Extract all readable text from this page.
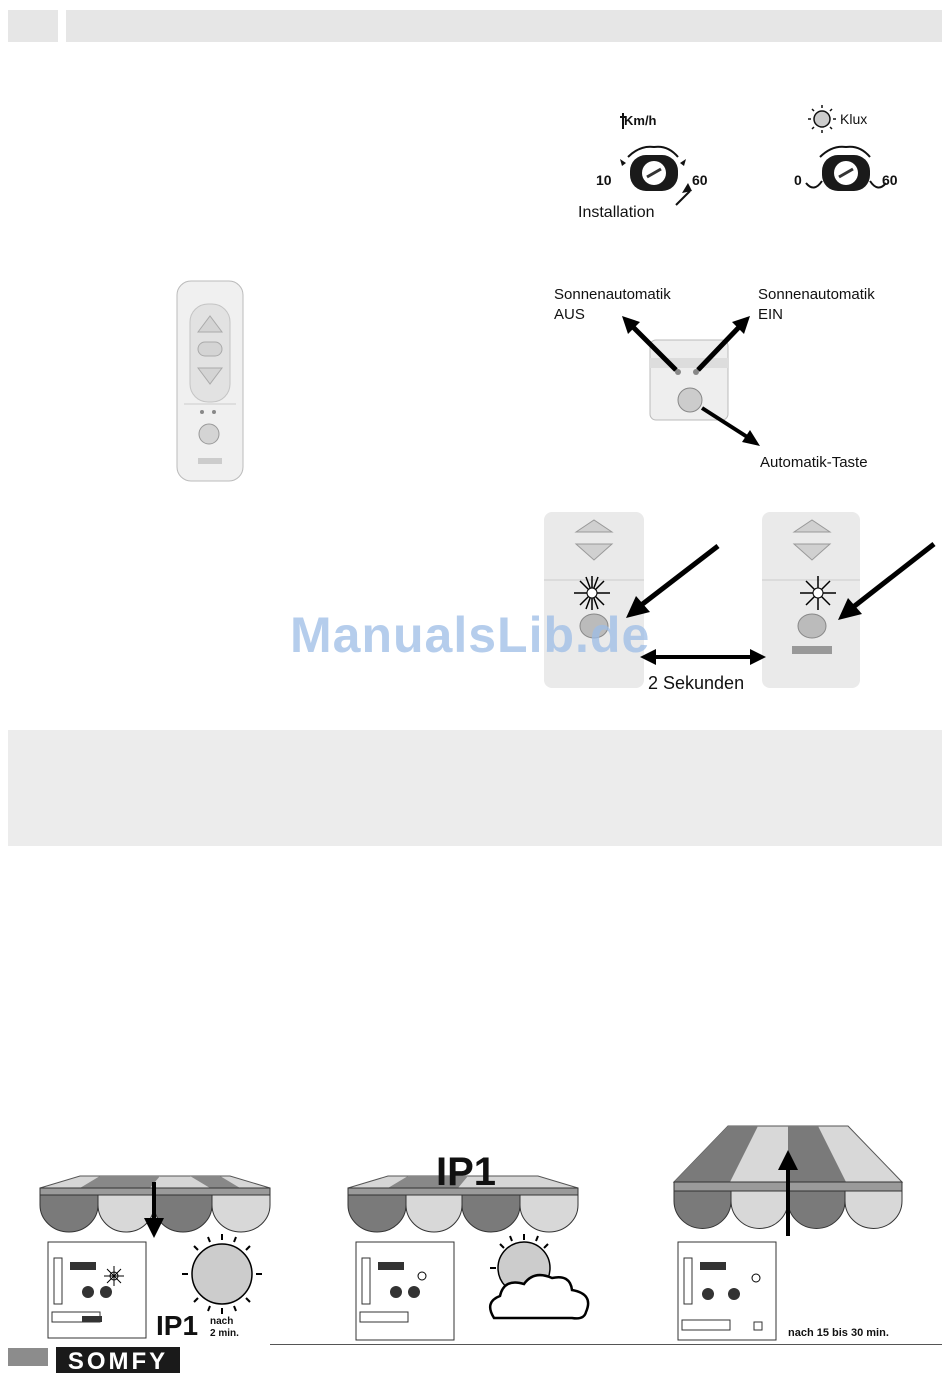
Km/h
10	60
Installation
Klux
0	60
Sonnenautomatik
AUS
Sonnenautomatik
EIN
Automatik-Taste
2 Sekunden
ManualsLib.de
IP1 nach
2 min.
IP1
nach 15 bis 30 min.
SOMFY
